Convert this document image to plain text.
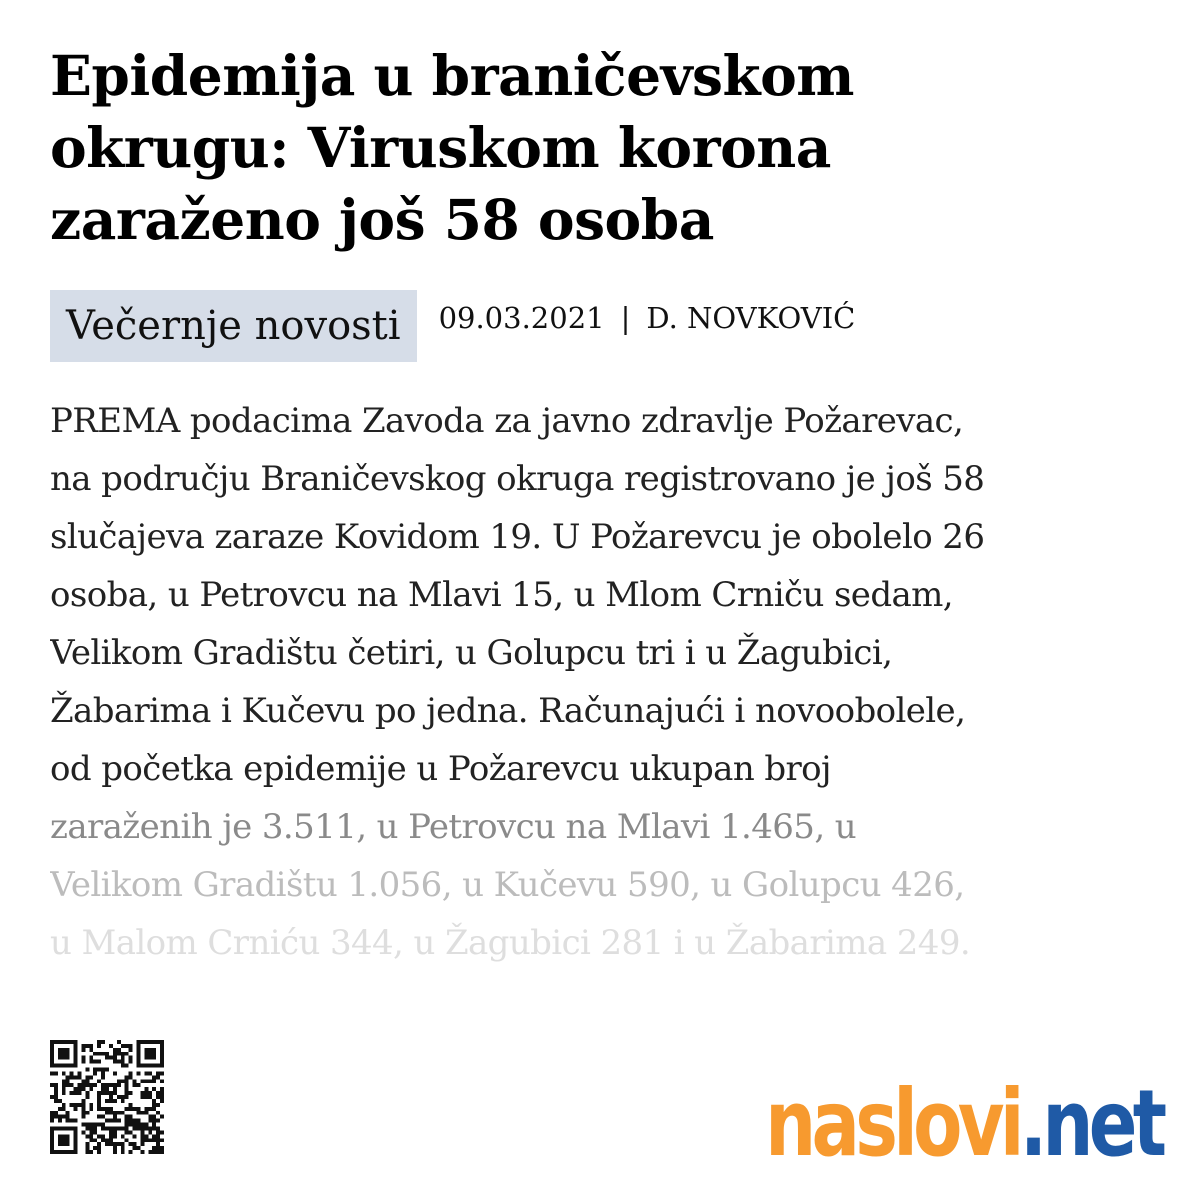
Epidemija u braničevskom
okrugu: Viruskom korona
zaraženo još 58 osoba
Večernje novosti	09.03.2021 | D. NOVKOVIĆ
PREMA podacima Zavoda za javno zdravlje Požarevac,
na području Braničevskog okruga registrovano je još 58
slučajeva zaraze Kovidom 19. U Požarevcu je obolelo 26
osoba, u Petrovcu na Mlavi 15, u Mlom Crniču sedam,
Velikom Gradištu četiri, u Golupcu tri i u Žagubici,
Žabarima i Kučevu po jedna. Računajući i novoobolele,
od početka epidemije u Požarevcu ukupan broj
zaraženih je 3.511, u Petrovcu na Mlavi 1.465, u
Velikom Gradištu 1.056, u Kučevu 590, u Golupcu 426,
u Malom Crniću 344, u Žagubici 281 i u Žabarima 249.
naslovi .net
